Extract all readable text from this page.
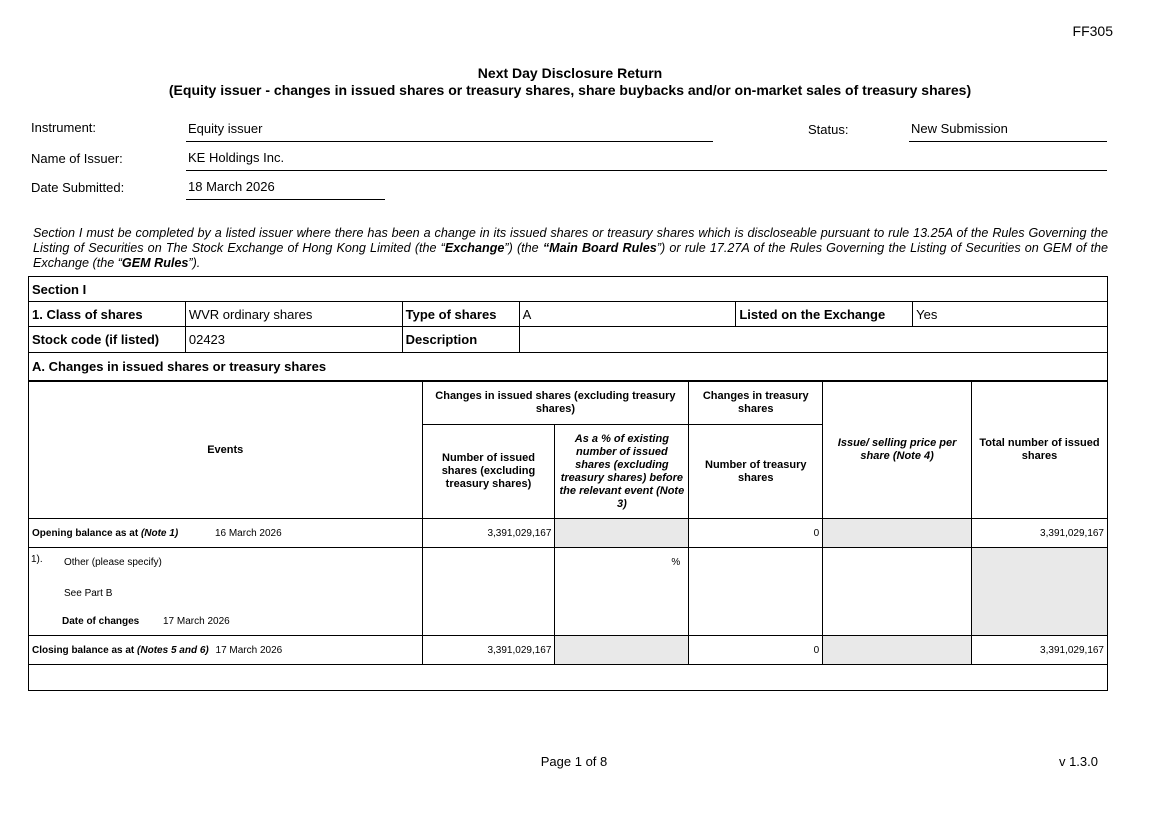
FF305
Next Day Disclosure Return
(Equity issuer - changes in issued shares or treasury shares, share buybacks and/or on-market sales of treasury shares)
Instrument:	Equity issuer	Status:	New Submission
Name of Issuer:	KE Holdings Inc.
Date Submitted:	18 March 2026
Section I must be completed by a listed issuer where there has been a change in its issued shares or treasury shares which is discloseable pursuant to rule 13.25A of the Rules Governing the Listing of Securities on The Stock Exchange of Hong Kong Limited (the “Exchange”) (the “Main Board Rules”) or rule 17.27A of the Rules Governing the Listing of Securities on GEM of the Exchange (the “GEM Rules”).
Section I					
1. Class of shares	WVR ordinary shares	Type of shares	A	Listed on the Exchange	Yes
Stock code (if listed)	02423	Description			
A. Changes in issued shares or treasury shares					
Events	Changes in issued shares (excluding treasury shares)		Changes in treasury shares	Issue/ selling price per share (Note 4)	Total number of issued shares
	Number of issued shares (excluding treasury shares)	As a % of existing number of issued shares (excluding treasury shares) before the relevant event (Note 3)	Number of treasury shares		
Opening balance as at (Note 1) 16 March 2026	3,391,029,167		0		3,391,029,167

1). Other (please specify)
See Part B
Date of changes 17 March 2026		%			
Closing balance as at (Notes 5 and 6) 17 March 2026	3,391,029,167		0		3,391,029,167

Page 1 of 8	v 1.3.0
